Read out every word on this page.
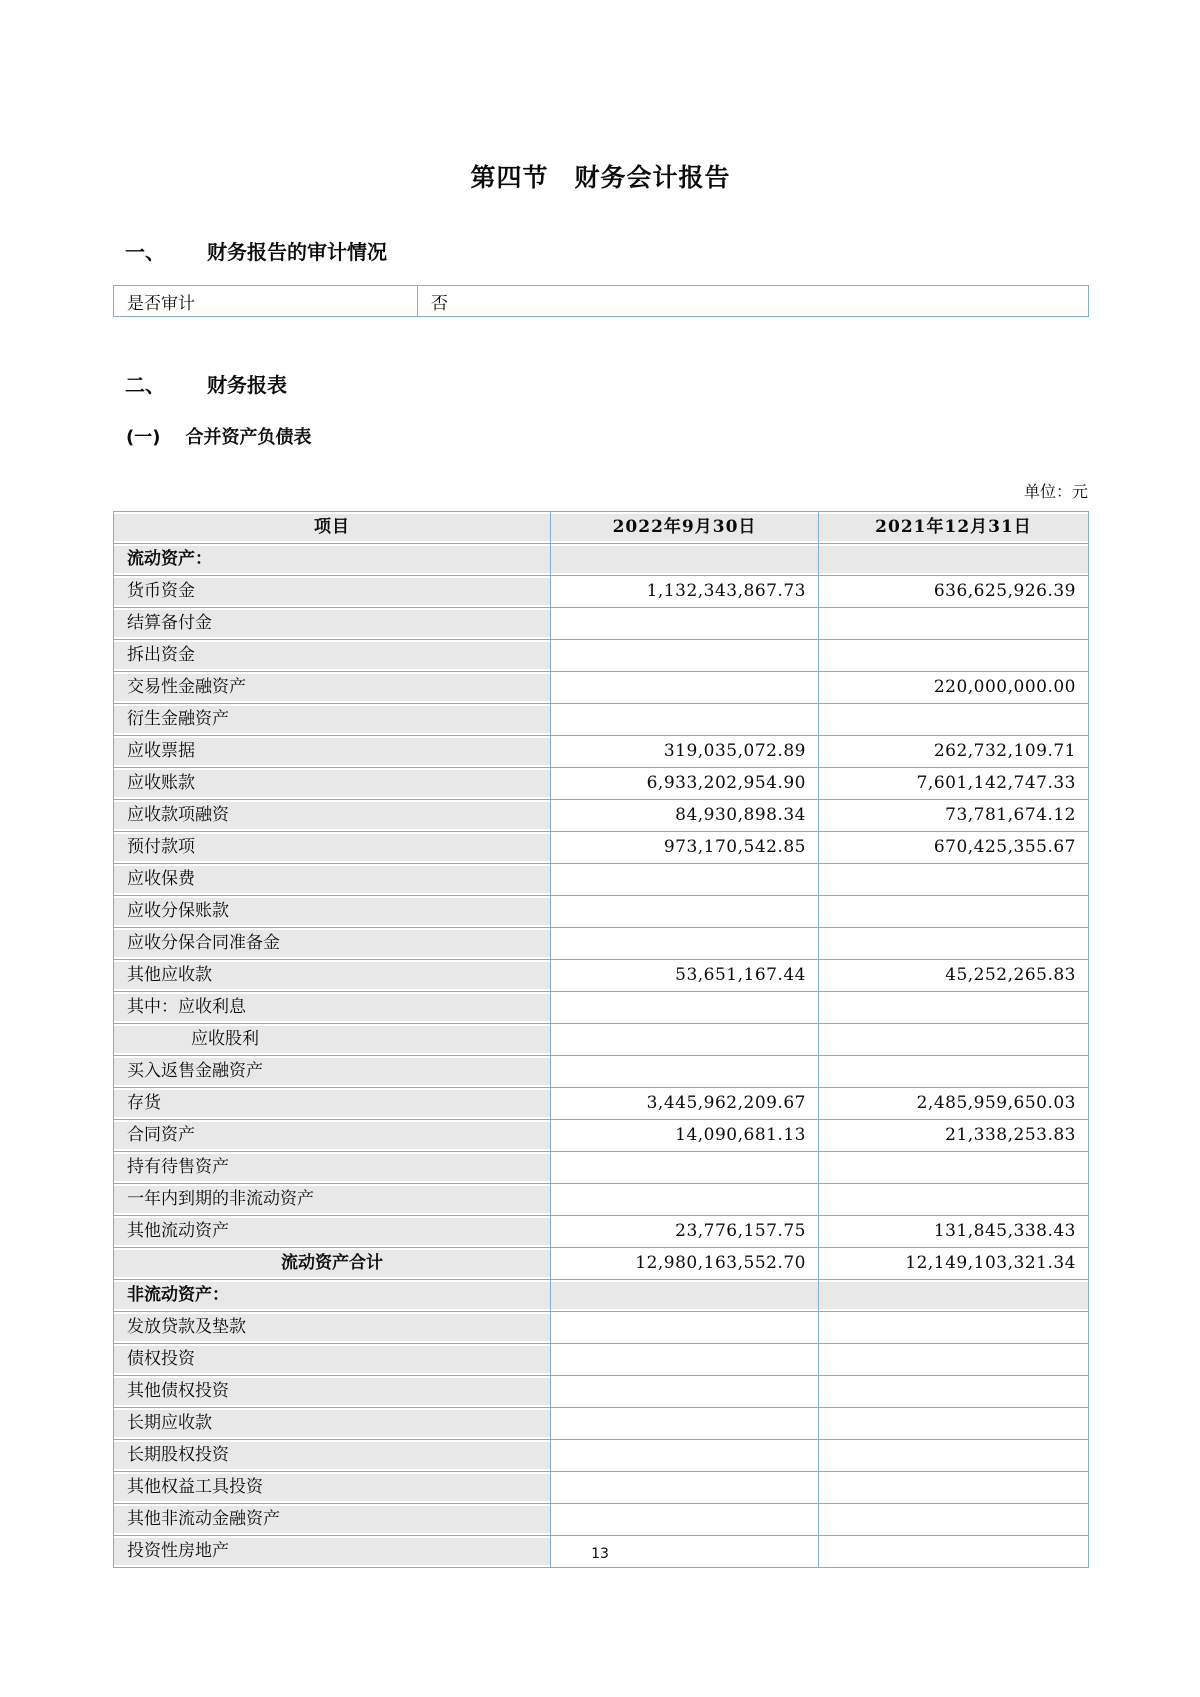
第四节 财务会计报告
一、 财务报告的审计情况
是否审计	否
二、 财务报表
(一) 合并资产负债表
单位：元
项目	2022年9月30日	2021年12月31日

流动资产：		

货币资金	1,132,343,867.73	636,625,926.39

结算备付金		

拆出资金		

交易性金融资产		220,000,000.00

衍生金融资产		

应收票据	319,035,072.89	262,732,109.71

应收账款	6,933,202,954.90	7,601,142,747.33

应收款项融资	84,930,898.34	73,781,674.12

预付款项	973,170,542.85	670,425,355.67

应收保费		

应收分保账款		

应收分保合同准备金		

其他应收款	53,651,167.44	45,252,265.83

其中：应收利息		

应收股利		

买入返售金融资产		

存货	3,445,962,209.67	2,485,959,650.03

合同资产	14,090,681.13	21,338,253.83

持有待售资产		

一年内到期的非流动资产		

其他流动资产	23,776,157.75	131,845,338.43

流动资产合计	12,980,163,552.70	12,149,103,321.34

非流动资产：		

发放贷款及垫款		

债权投资		

其他债权投资		

长期应收款		

长期股权投资		

其他权益工具投资		

其他非流动金融资产		

投资性房地产		

		13
